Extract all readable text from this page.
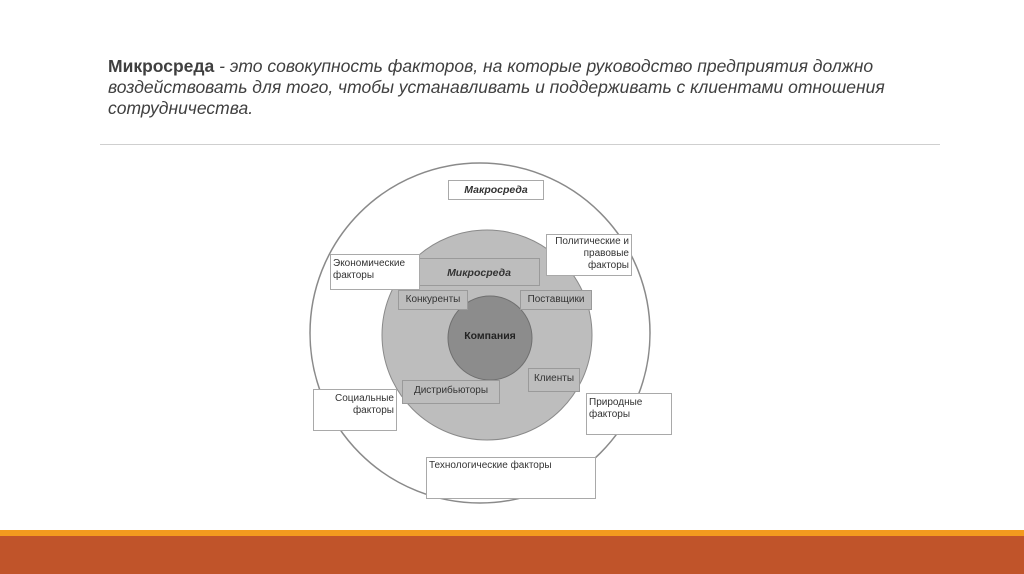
Микросреда - это совокупность факторов, на которые руководство предприятия должно воздействовать для того, чтобы устанавливать и поддерживать с клиентами отношения сотрудничества.
Макросреда
Микросреда
Компания
Политические и правовые факторы
Экономические факторы
Социальные факторы
Природные факторы
Технологические факторы
Конкуренты	Поставщики
Дистрибьюторы
Клиенты
